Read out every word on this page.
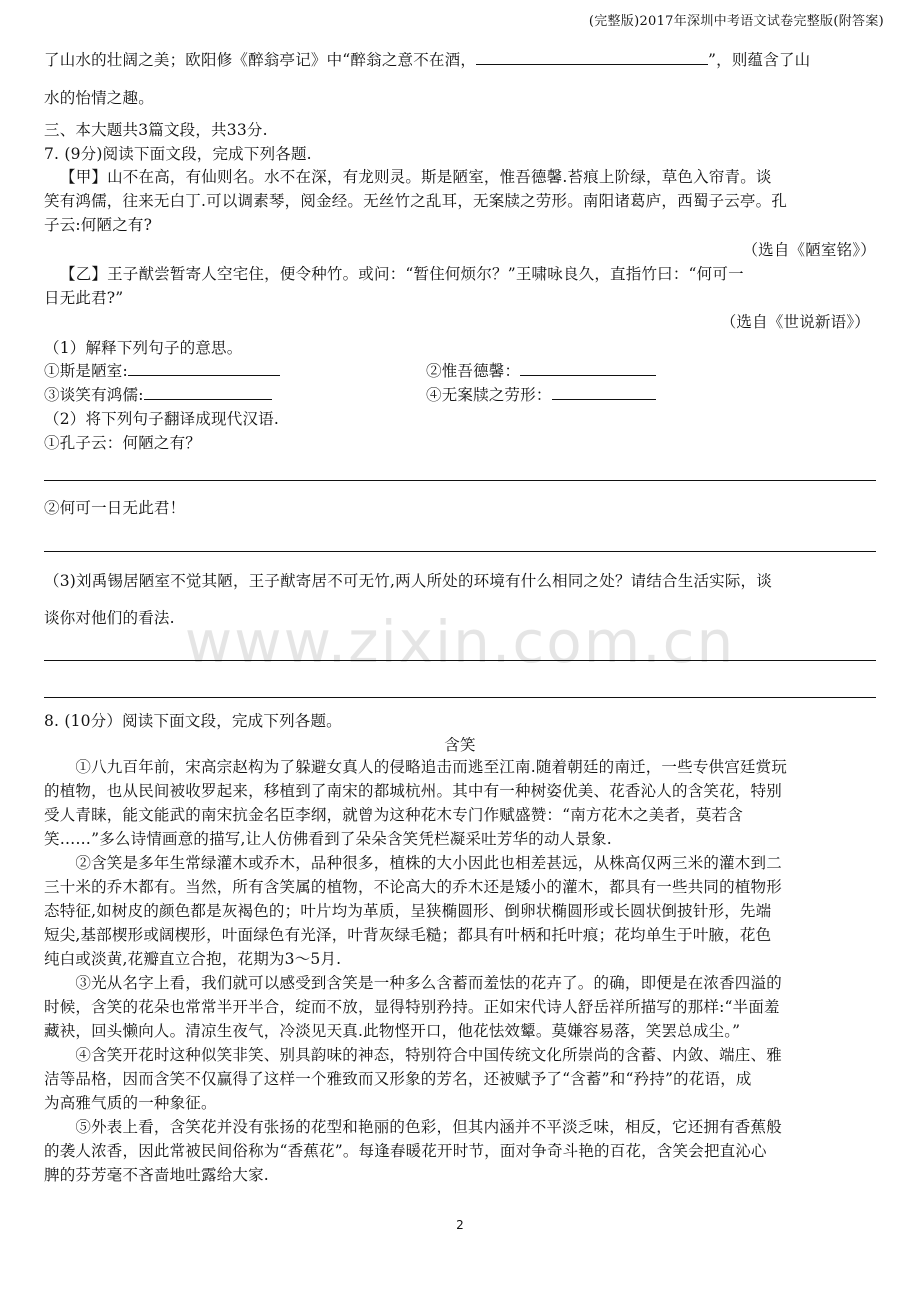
(完整版)2017年深圳中考语文试卷完整版(附答案)
了山水的壮阔之美；欧阳修《醉翁亭记》中“醉翁之意不在酒，	”，则蕴含了山
水的怡情之趣。
三、本大题共3篇文段，共33分.
7. (9分)阅读下面文段，完成下列各题.
【甲】山不在高，有仙则名。水不在深，有龙则灵。斯是陋室，惟吾德馨.苔痕上阶绿，草色入帘青。谈
笑有鸿儒，往来无白丁.可以调素琴，阅金经。无丝竹之乱耳，无案牍之劳形。南阳诸葛庐，西蜀子云亭。孔
子云:何陋之有?
（选自《陋室铭》）
【乙】王子猷尝暂寄人空宅住，便令种竹。或问：“暂住何烦尔？”王啸咏良久，直指竹曰：“何可一
日无此君?”
（选自《世说新语》）
（1）解释下列句子的意思。
①斯是陋室:	②惟吾德馨：
③谈笑有鸿儒:	④无案牍之劳形：
（2）将下列句子翻译成现代汉语.
①孔子云：何陋之有？
②何可一日无此君！
（3)刘禹锡居陋室不觉其陋，王子猷寄居不可无竹,两人所处的环境有什么相同之处？请结合生活实际，谈
谈你对他们的看法.
8. (10分）阅读下面文段，完成下列各题。
含笑
　　①八九百年前，宋高宗赵构为了躲避女真人的侵略追击而逃至江南.随着朝廷的南迁，一些专供宫廷赏玩
的植物，也从民间被收罗起来，移植到了南宋的都城杭州。其中有一种树姿优美、花香沁人的含笑花，特别
受人青睐，能文能武的南宋抗金名臣李纲，就曾为这种花木专门作赋盛赞：“南方花木之美者，莫若含
笑……”多么诗情画意的描写,让人仿佛看到了朵朵含笑凭栏凝采吐芳华的动人景象.
　　②含笑是多年生常绿灌木或乔木，品种很多，植株的大小因此也相差甚远，从株高仅两三米的灌木到二
三十米的乔木都有。当然，所有含笑属的植物，不论高大的乔木还是矮小的灌木，都具有一些共同的植物形
态特征,如树皮的颜色都是灰褐色的；叶片均为革质，呈狭椭圆形、倒卵状椭圆形或长圆状倒披针形，先端
短尖,基部楔形或阔楔形，叶面绿色有光泽，叶背灰绿毛糙；都具有叶柄和托叶痕；花均单生于叶腋，花色
纯白或淡黄,花瓣直立合抱，花期为3～5月.
　　③光从名字上看，我们就可以感受到含笑是一种多么含蓄而羞怯的花卉了。的确，即便是在浓香四溢的
时候，含笑的花朵也常常半开半合，绽而不放，显得特别矜持。正如宋代诗人舒岳祥所描写的那样:“半面羞
藏袂，回头懒向人。清凉生夜气，冷淡见天真.此物悭开口，他花怯效颦。莫嫌容易落，笑罢总成尘。”
　　④含笑开花时这种似笑非笑、别具韵味的神态，特别符合中国传统文化所崇尚的含蓄、内敛、端庄、雅
洁等品格，因而含笑不仅赢得了这样一个雅致而又形象的芳名，还被赋予了“含蓄”和“矜持”的花语，成
为高雅气质的一种象征。
　　⑤外表上看，含笑花并没有张扬的花型和艳丽的色彩，但其内涵并不平淡乏味，相反，它还拥有香蕉般
的袭人浓香，因此常被民间俗称为“香蕉花”。每逢春暖花开时节，面对争奇斗艳的百花，含笑会把直沁心
脾的芬芳毫不吝啬地吐露给大家.
www.zixin.com.cn
2
